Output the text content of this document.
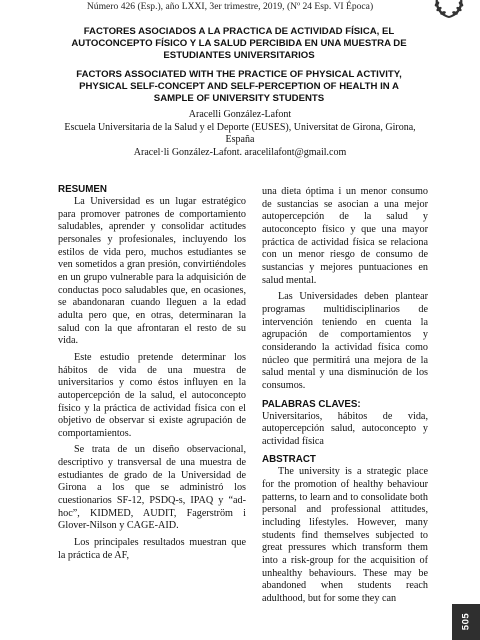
Número 426 (Esp.), año LXXI, 3er trimestre, 2019, (Nº 24 Esp. VI Época)

FACTORES ASOCIADOS A LA PRACTICA DE ACTIVIDAD FÍSICA, EL AUTOCONCEPTO FÍSICO Y LA SALUD PERCIBIDA EN UNA MUESTRA DE ESTUDIANTES UNIVERSITARIOS

FACTORS ASSOCIATED WITH THE PRACTICE OF PHYSICAL ACTIVITY, PHYSICAL SELF-CONCEPT AND SELF-PERCEPTION OF HEALTH IN A SAMPLE OF UNIVERSITY STUDENTS

Aracelli González-Lafont
Escuela Universitaria de la Salud y el Deporte (EUSES), Universitat de Girona, Girona, España
Aracel·li González-Lafont. aracelilafont@gmail.com
RESUMEN

La Universidad es un lugar estratégico para promover patrones de comportamiento saludables, aprender y consolidar actitudes personales y profesionales, incluyendo los estilos de vida pero, muchos estudiantes se ven sometidos a gran presión, convirtiéndoles en un grupo vulnerable para la adquisición de conductas poco saludables que, en ocasiones, se abandonaran cuando lleguen a la edad adulta pero que, en otras, determinaran la salud con la que afrontaran el resto de su vida.

Este estudio pretende determinar los hábitos de vida de una muestra de universitarios y como éstos influyen en la autopercepción de la salud, el autoconcepto físico y la práctica de actividad física con el objetivo de observar si existe agrupación de comportamientos.

Se trata de un diseño observacional, descriptivo y transversal de una muestra de estudiantes de grado de la Universidad de Girona a los que se administró los cuestionarios SF-12, PSDQ-s, IPAQ y “ad-hoc”, KIDMED, AUDIT, Fagerström i Glover-Nilson y CAGE-AID.

Los principales resultados muestran que la práctica de AF,

una dieta óptima i un menor consumo de sustancias se asocian a una mejor autopercepción de la salud y autoconcepto físico y que una mayor práctica de actividad física se relaciona con un menor riesgo de consumo de sustancias y mejores puntuaciones en salud mental.

Las Universidades deben plantear programas multidisciplinarios de intervención teniendo en cuenta la agrupación de comportamientos y considerando la actividad física como núcleo que permitirá una mejora de la salud mental y una disminución de los consumos.

PALABRAS CLAVES:

Universitarios, hábitos de vida, autopercepción salud, autoconcepto y actividad física

ABSTRACT

The university is a strategic place for the promotion of healthy behaviour patterns, to learn and to consolidate both personal and professional attitudes, including lifestyles. However, many students find themselves subjected to great pressures which transform them into a risk-group for the acquisition of unhealthy behaviours. These may be abandoned when students reach adulthood, but for some they can

505
